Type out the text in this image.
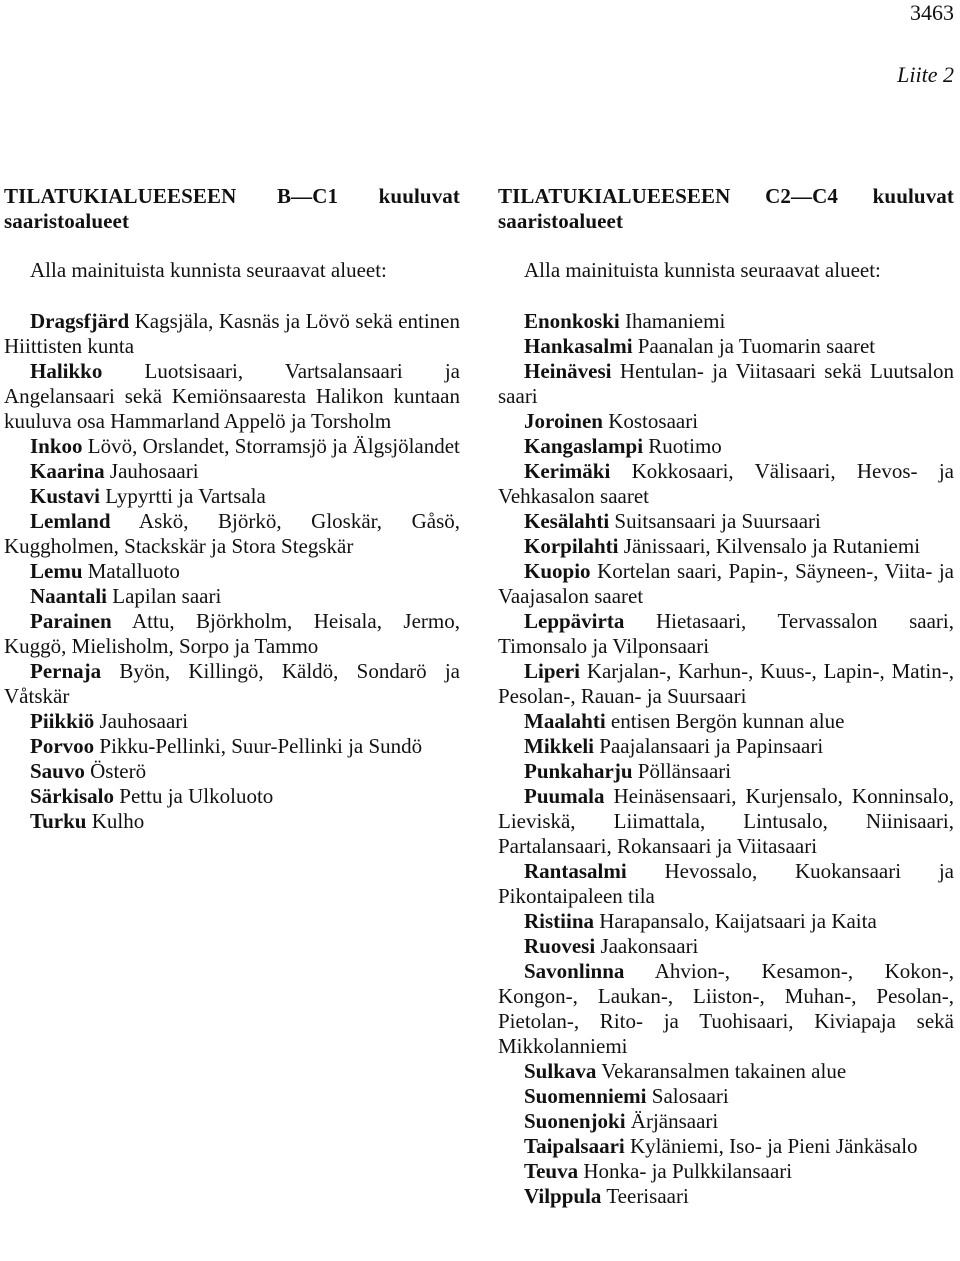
3463
Liite 2
TILATUKIALUEESEEN B—C1 kuuluvat saaristoalueet
Alla mainituista kunnista seuraavat alueet:

Dragsfjärd Kagsjäla, Kasnäs ja Lövö sekä entinen Hiittisten kunta

Halikko Luotsisaari, Vartsalansaari ja Angelansaari sekä Kemiönsaaresta Halikon kuntaan kuuluva osa Hammarland Appelö ja Torsholm

Inkoo Lövö, Orslandet, Storramsjö ja Älgsjölandet

Kaarina Jauhosaari

Kustavi Lypyrtti ja Vartsala

Lemland Askö, Björkö, Gloskär, Gåsö, Kuggholmen, Stackskär ja Stora Stegskär

Lemu Matalluoto

Naantali Lapilan saari

Parainen Attu, Björkholm, Heisala, Jermo, Kuggö, Mielisholm, Sorpo ja Tammo

Pernaja Byön, Killingö, Käldö, Sondarö ja Våtskär

Piikkiö Jauhosaari

Porvoo Pikku-Pellinki, Suur-Pellinki ja Sundö

Sauvo Österö

Särkisalo Pettu ja Ulkoluoto

Turku Kulho

TILATUKIALUEESEEN C2—C4 kuuluvat saaristoalueet
Alla mainituista kunnista seuraavat alueet:

Enonkoski Ihamaniemi

Hankasalmi Paanalan ja Tuomarin saaret

Heinävesi Hentulan- ja Viitasaari sekä Luutsalon saari

Joroinen Kostosaari

Kangaslampi Ruotimo

Kerimäki Kokkosaari, Välisaari, Hevos- ja Vehkasalon saaret

Kesälahti Suitsansaari ja Suursaari

Korpilahti Jänissaari, Kilvensalo ja Rutaniemi

Kuopio Kortelan saari, Papin-, Säyneen-, Viita- ja Vaajasalon saaret

Leppävirta Hietasaari, Tervassalon saari, Timonsalo ja Vilponsaari

Liperi Karjalan-, Karhun-, Kuus-, Lapin-, Matin-, Pesolan-, Rauan- ja Suursaari

Maalahti entisen Bergön kunnan alue

Mikkeli Paajalansaari ja Papinsaari

Punkaharju Pöllänsaari

Puumala Heinäsensaari, Kurjensalo, Konninsalo, Lieviskä, Liimattala, Lintusalo, Niinisaari, Partalansaari, Rokansaari ja Viitasaari

Rantasalmi Hevossalo, Kuokansaari ja Pikontaipaleen tila

Ristiina Harapansalo, Kaijatsaari ja Kaita

Ruovesi Jaakonsaari

Savonlinna Ahvion-, Kesamon-, Kokon-, Kongon-, Laukan-, Liiston-, Muhan-, Pesolan-, Pietolan-, Rito- ja Tuohisaari, Kiviapaja sekä Mikkolanniemi

Sulkava Vekaransalmen takainen alue

Suomenniemi Salosaari

Suonenjoki Ärjänsaari

Taipalsaari Kyläniemi, Iso- ja Pieni Jänkäsalo

Teuva Honka- ja Pulkkilansaari

Vilppula Teerisaari
